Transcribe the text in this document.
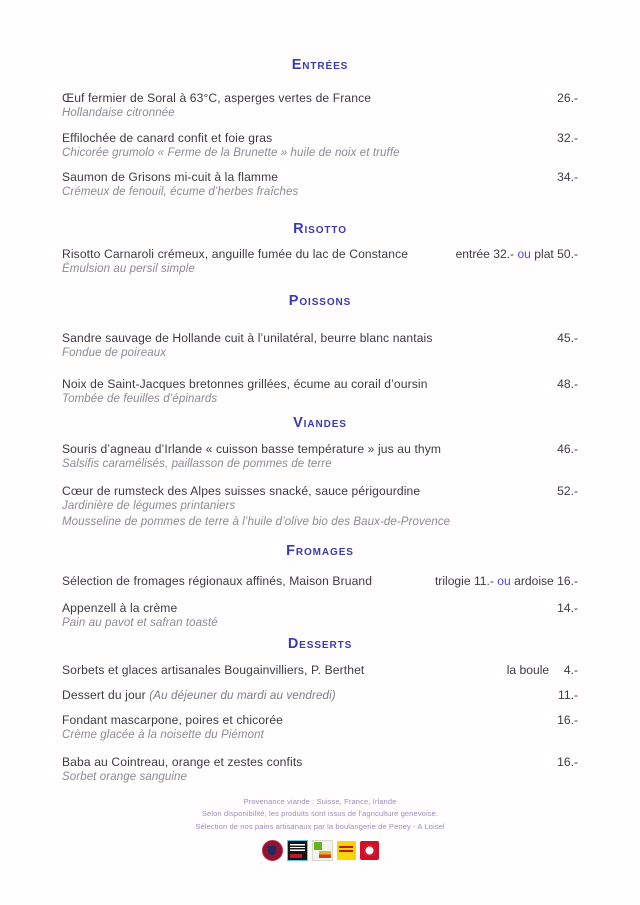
Entrées
Œuf fermier de Soral à 63°C, asperges vertes de France	26.-
Hollandaise citronnée
Effilochée de canard confit et foie gras	32.-
Chicorée grumolo « Ferme de la Brunette » huile de noix et truffe
Saumon de Grisons mi-cuit à la flamme	34.-
Crémeux de fenouil, écume d’herbes fraîches
Risotto
Risotto Carnaroli crémeux, anguille fumée du lac de Constance	entrée 32.- ou plat 50.-
Émulsion au persil simple
Poissons
Sandre sauvage de Hollande cuit à l’unilatéral, beurre blanc nantais	45.-
Fondue de poireaux
Noix de Saint-Jacques bretonnes grillées, écume au corail d’oursin	48.-
Tombée de feuilles d’épinards
Viandes
Souris d’agneau d’Irlande « cuisson basse température » jus au thym	46.-
Salsifis caramélisés, paillasson de pommes de terre
Cœur de rumsteck des Alpes suisses snacké, sauce périgourdine	52.-
Jardinière de légumes printaniers
Mousseline de pommes de terre à l’huile d’olive bio des Baux-de-Provence
Fromages
Sélection de fromages régionaux affinés, Maison Bruand	trilogie 11.- ou ardoise 16.-
Appenzell à la crème	14.-
Pain au pavot et safran toasté
Desserts
Sorbets et glaces artisanales Bougainvilliers, P. Berthet	la boule 4.-
Dessert du jour (Au déjeuner du mardi au vendredi)	11.-
Fondant mascarpone, poires et chicorée	16.-
Crème glacée à la noisette du Piémont
Baba au Cointreau, orange et zestes confits	16.-
Sorbet orange sanguine
Provenance viande : Suisse, France, Irlande
Selon disponibilité, les produits sont issus de l’agriculture genevoise.
Sélection de nos pains artisanaux par la boulangerie de Peney - A Loisel
